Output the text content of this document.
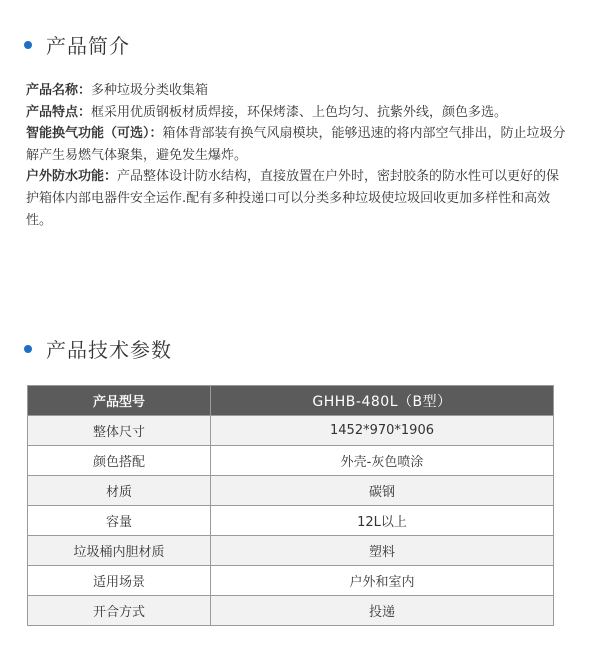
产品简介

产品名称：多种垃圾分类收集箱

产品特点：框采用优质钢板材质焊接，环保烤漆、上色均匀、抗紫外线，颜色多选。

智能换气功能（可选）：箱体背部装有换气风扇模块，能够迅速的将内部空气排出，防止垃圾分解产生易燃气体聚集，避免发生爆炸。

户外防水功能：产品整体设计防水结构，直接放置在户外时，密封胶条的防水性可以更好的保护箱体内部电器件安全运作.配有多种投递口可以分类多种垃圾使垃圾回收更加多样性和高效性。

产品技术参数
产品型号	GHHB-480L（B型）
整体尺寸	1452*970*1906
颜色搭配	外壳-灰色喷涂
材质	碳钢
容量	12L以上
垃圾桶内胆材质	塑料
适用场景	户外和室内
开合方式	投递
